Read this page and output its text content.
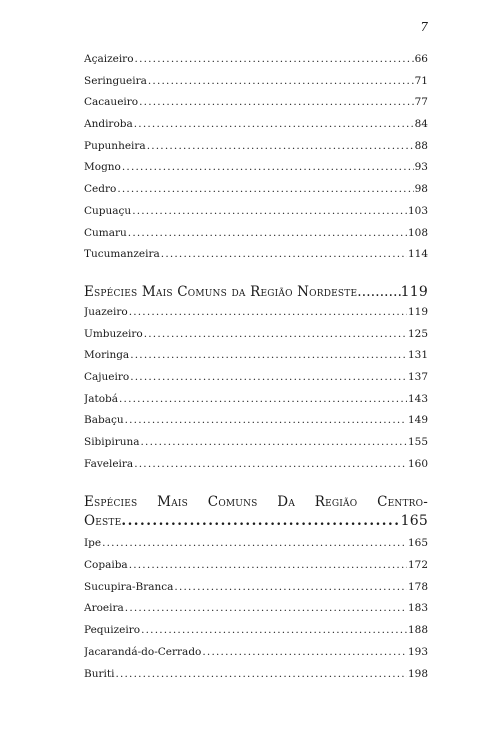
7
Açaizeiro .....	66
Seringueira .....	71
Cacaueiro .....	77
Andiroba .....	84
Pupunheira .....	88
Mogno .....	93
Cedro .....	98
Cupuaçu .....	103
Cumaru .....	108
Tucumanzeira .....	114
Espécies Mais Comuns da Região Nordeste .....	119
Juazeiro .....	119
Umbuzeiro .....	125
Moringa .....	131
Cajueiro .....	137
Jatobá .....	143
Babaçu .....	149
Sibipiruna .....	155
Faveleira .....	160
Espécies Mais Comuns Da Região Centro-
Oeste .....	165
Ipe .....	165
Copaiba .....	172
Sucupira-Branca .....	178
Aroeira .....	183
Pequizeiro .....	188
Jacarandá-do-Cerrado .....	193
Buriti .....	198
